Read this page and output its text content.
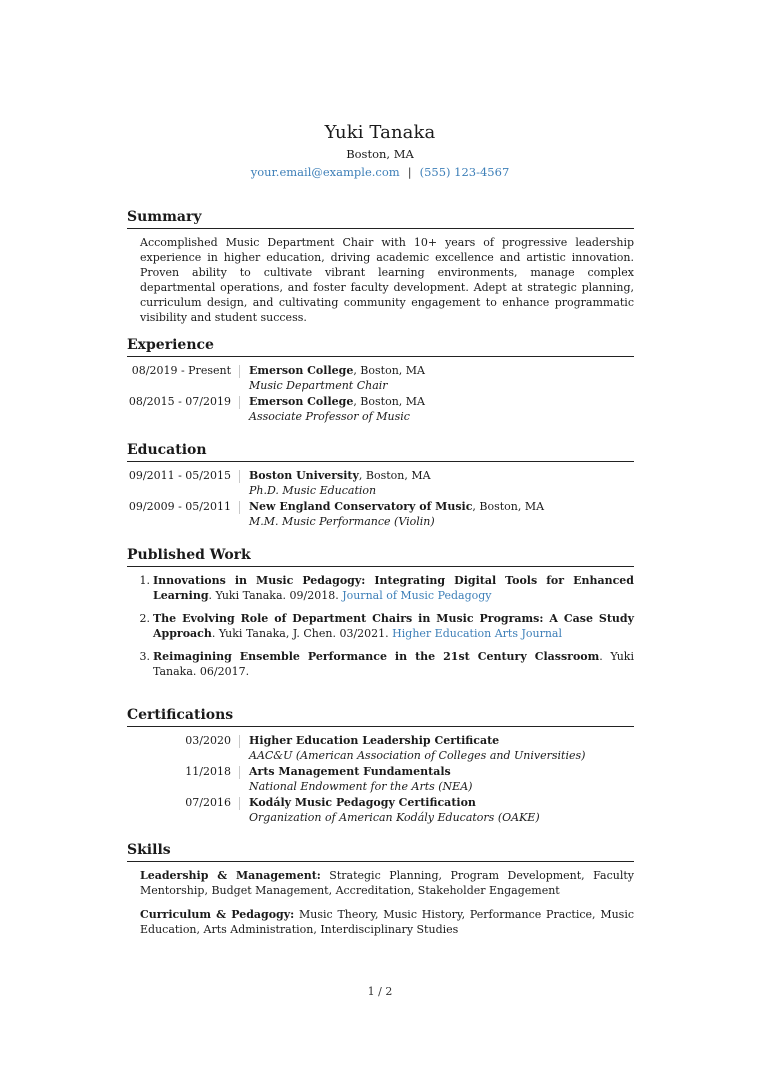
Yuki Tanaka
Boston, MA
your.email@example.com | (555) 123-4567
Summary
Accomplished Music Department Chair with 10+ years of progressive leadership experience in higher education, driving academic excellence and artistic innovation. Proven ability to cultivate vibrant learning environments, manage complex departmental operations, and foster faculty development. Adept at strategic planning, curriculum design, and cultivating community engagement to enhance programmatic visibility and student success.
Experience
08/2019 - Present	Emerson College, Boston, MA
Music Department Chair
08/2015 - 07/2019	Emerson College, Boston, MA
Associate Professor of Music
Education
09/2011 - 05/2015	Boston University, Boston, MA
Ph.D. Music Education
09/2009 - 05/2011	New England Conservatory of Music, Boston, MA
M.M. Music Performance (Violin)
Published Work
1. Innovations in Music Pedagogy: Integrating Digital Tools for Enhanced Learning. Yuki Tanaka. 09/2018. Journal of Music Pedagogy
2. The Evolving Role of Department Chairs in Music Programs: A Case Study Approach. Yuki Tanaka, J. Chen. 03/2021. Higher Education Arts Journal
3. Reimagining Ensemble Performance in the 21st Century Classroom. Yuki Tanaka. 06/2017.
Certifications
03/2020	Higher Education Leadership Certificate
AAC&U (American Association of Colleges and Universities)
11/2018	Arts Management Fundamentals
National Endowment for the Arts (NEA)
07/2016	Kodály Music Pedagogy Certification
Organization of American Kodály Educators (OAKE)
Skills
Leadership & Management: Strategic Planning, Program Development, Faculty Mentorship, Budget Management, Accreditation, Stakeholder Engagement
Curriculum & Pedagogy: Music Theory, Music History, Performance Practice, Music Education, Arts Administration, Interdisciplinary Studies
1 / 2
